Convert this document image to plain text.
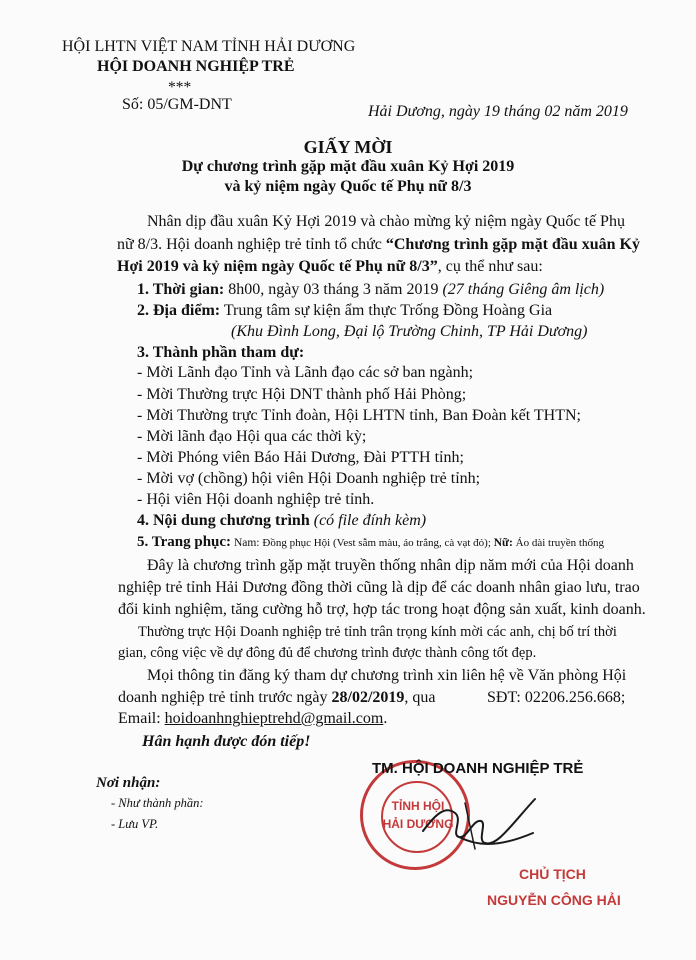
HỘI LHTN VIỆT NAM TỈNH HẢI DƯƠNG
HỘI DOANH NGHIỆP TRẺ
***
Số: 05/GM-DNT	Hải Dương, ngày 19 tháng 02 năm 2019
GIẤY MỜI
Dự chương trình gặp mặt đầu xuân Kỷ Hợi 2019
và kỷ niệm ngày Quốc tế Phụ nữ 8/3
Nhân dịp đầu xuân Kỷ Hợi 2019 và chào mừng kỷ niệm ngày Quốc tế Phụ
nữ 8/3. Hội doanh nghiệp trẻ tỉnh tổ chức “Chương trình gặp mặt đầu xuân Kỷ
Hợi 2019 và kỷ niệm ngày Quốc tế Phụ nữ 8/3”, cụ thể như sau:
1. Thời gian: 8h00, ngày 03 tháng 3 năm 2019 (27 tháng Giêng âm lịch)
2. Địa điểm: Trung tâm sự kiện ẩm thực Trống Đồng Hoàng Gia
(Khu Đình Long, Đại lộ Trường Chinh, TP Hải Dương)
3. Thành phần tham dự:
- Mời Lãnh đạo Tỉnh và Lãnh đạo các sở ban ngành;
- Mời Thường trực Hội DNT thành phố Hải Phòng;
- Mời Thường trực Tỉnh đoàn, Hội LHTN tỉnh, Ban Đoàn kết THTN;
- Mời lãnh đạo Hội qua các thời kỳ;
- Mời Phóng viên Báo Hải Dương, Đài PTTH tỉnh;
- Mời vợ (chồng) hội viên Hội Doanh nghiệp trẻ tỉnh;
- Hội viên Hội doanh nghiệp trẻ tỉnh.
4. Nội dung chương trình (có file đính kèm)
5. Trang phục: Nam: Đồng phục Hội (Vest sẫm màu, áo trắng, cà vạt đỏ); Nữ: Áo dài truyền thống
Đây là chương trình gặp mặt truyền thống nhân dịp năm mới của Hội doanh
nghiệp trẻ tỉnh Hải Dương đồng thời cũng là dịp để các doanh nhân giao lưu, trao
đổi kinh nghiệm, tăng cường hỗ trợ, hợp tác trong hoạt động sản xuất, kinh doanh.
Thường trực Hội Doanh nghiệp trẻ tỉnh trân trọng kính mời các anh, chị bố trí thời
gian, công việc về dự đông đủ để chương trình được thành công tốt đẹp.
Mọi thông tin đăng ký tham dự chương trình xin liên hệ về Văn phòng Hội
doanh nghiệp trẻ tỉnh trước ngày 28/02/2019, qua	SĐT: 02206.256.668;
Email: hoidoanhnghieptrehd@gmail.com.
Hân hạnh được đón tiếp!
Nơi nhận:
- Như thành phần:
- Lưu VP.
TỈNH HỘI
HẢI DƯƠNG
TM. HỘI DOANH NGHIỆP TRẺ
CHỦ TỊCH
NGUYỄN CÔNG HẢI
